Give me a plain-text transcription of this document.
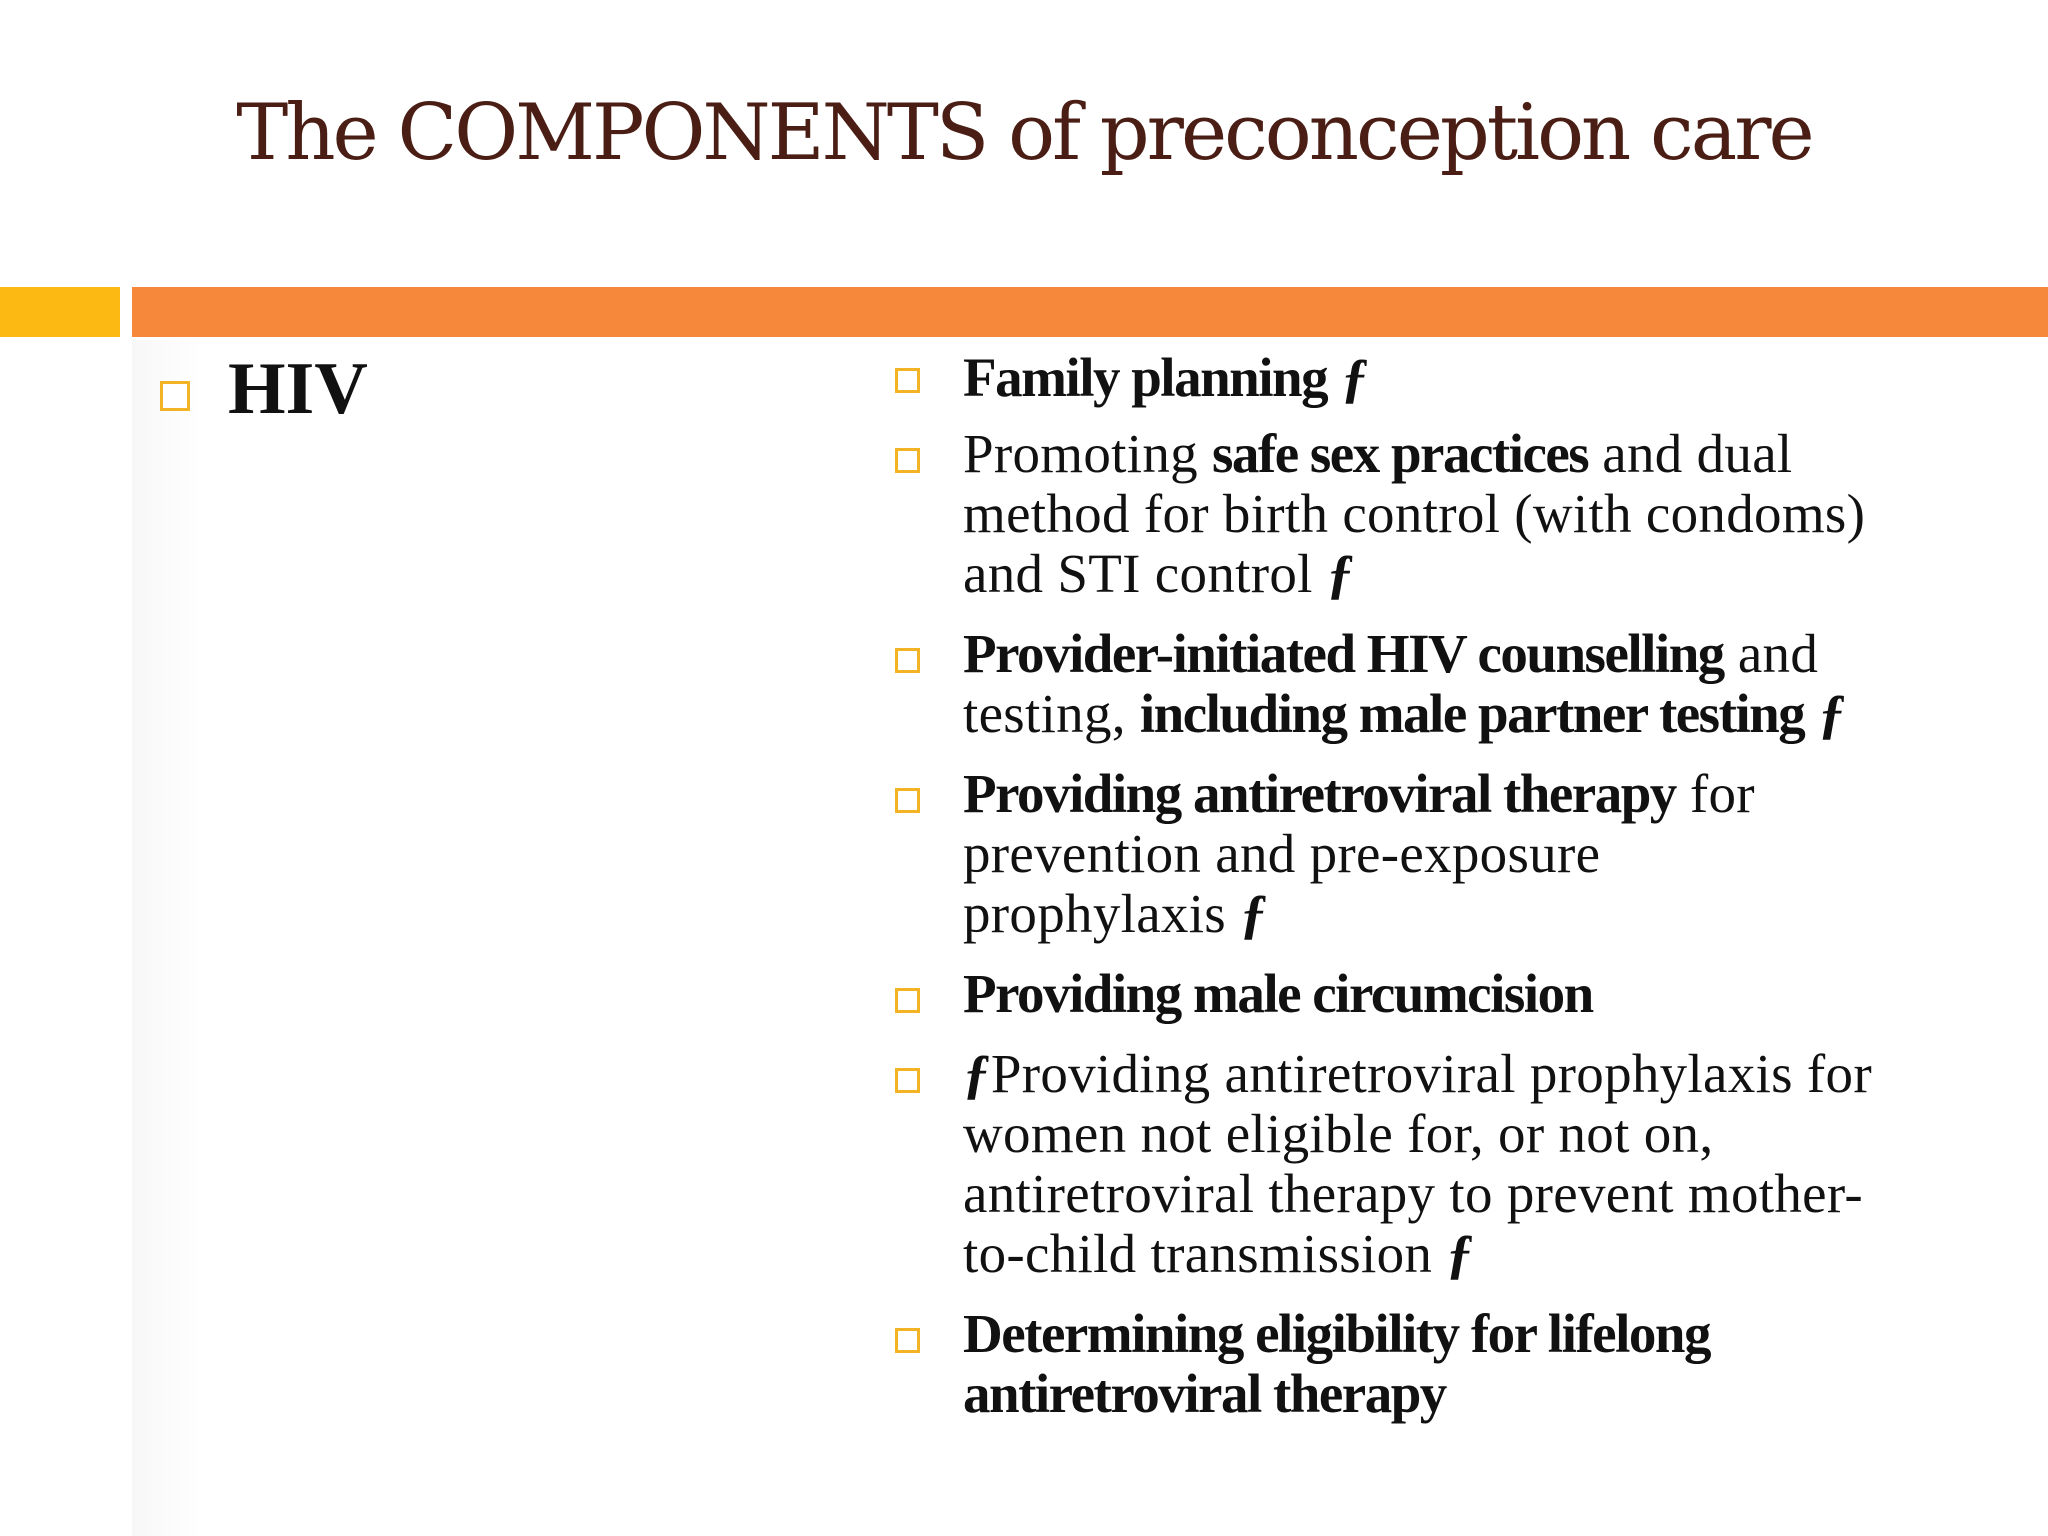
The COMPONENTS of preconception care
HIV	Family planning ƒ
Promoting safe sex practices and dual
method for birth control (with condoms)
and STI control ƒ
Provider-initiated HIV counselling and
testing, including male partner testing ƒ
Providing antiretroviral therapy for
prevention and pre-exposure
prophylaxis ƒ
Providing male circumcision
ƒProviding antiretroviral prophylaxis for
women not eligible for, or not on,
antiretroviral therapy to prevent mother-
to-child transmission ƒ
Determining eligibility for lifelong
antiretroviral therapy
